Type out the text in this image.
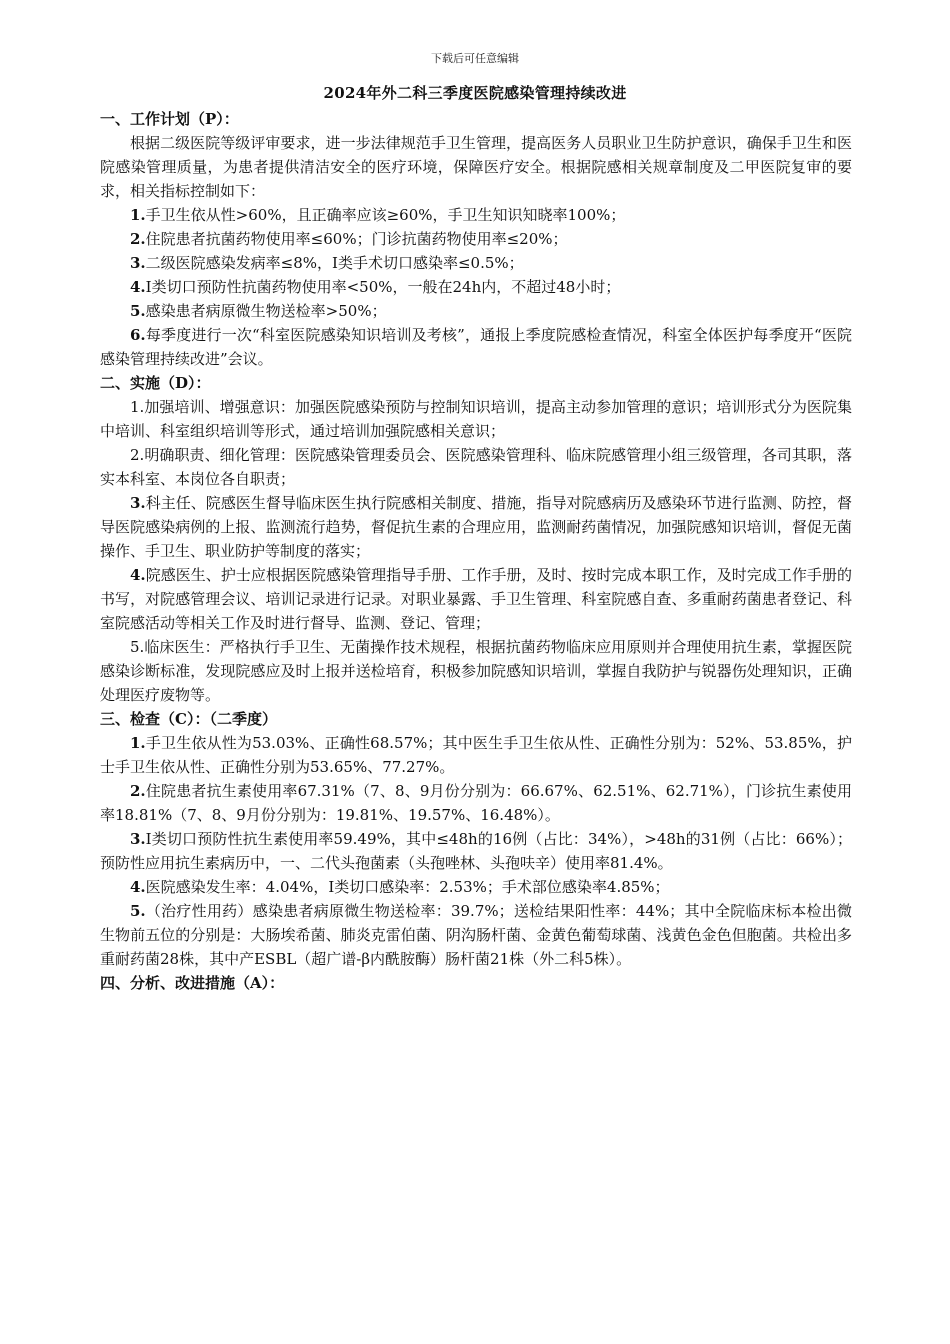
下载后可任意编辑
2024年外二科三季度医院感染管理持续改进
一、工作计划（P）：

根据二级医院等级评审要求，进一步法律规范手卫生管理，提高医务人员职业卫生防护意识，确保手卫生和医院感染管理质量，为患者提供清洁安全的医疗环境，保障医疗安全。根据院感相关规章制度及二甲医院复审的要求，相关指标控制如下：

1.手卫生依从性>60%，且正确率应该≥60%，手卫生知识知晓率100%；

2.住院患者抗菌药物使用率≤60%；门诊抗菌药物使用率≤20%；

3.二级医院感染发病率≤8%，I类手术切口感染率≤0.5%；

4.I类切口预防性抗菌药物使用率<50%，一般在24h内，不超过48小时；

5.感染患者病原微生物送检率>50%；

6.每季度进行一次“科室医院感染知识培训及考核”，通报上季度院感检查情况，科室全体医护每季度开“医院感染管理持续改进”会议。

二、实施（D）：

1.加强培训、增强意识：加强医院感染预防与控制知识培训，提高主动参加管理的意识；培训形式分为医院集中培训、科室组织培训等形式，通过培训加强院感相关意识；

2.明确职责、细化管理：医院感染管理委员会、医院感染管理科、临床院感管理小组三级管理，各司其职，落实本科室、本岗位各自职责；

3.科主任、院感医生督导临床医生执行院感相关制度、措施，指导对院感病历及感染环节进行监测、防控，督导医院感染病例的上报、监测流行趋势，督促抗生素的合理应用，监测耐药菌情况，加强院感知识培训，督促无菌操作、手卫生、职业防护等制度的落实；

4.院感医生、护士应根据医院感染管理指导手册、工作手册，及时、按时完成本职工作，及时完成工作手册的书写，对院感管理会议、培训记录进行记录。对职业暴露、手卫生管理、科室院感自查、多重耐药菌患者登记、科室院感活动等相关工作及时进行督导、监测、登记、管理；

5.临床医生：严格执行手卫生、无菌操作技术规程，根据抗菌药物临床应用原则并合理使用抗生素，掌握医院感染诊断标准，发现院感应及时上报并送检培育，积极参加院感知识培训，掌握自我防护与锐器伤处理知识，正确处理医疗废物等。

三、检查（C）：（二季度）

1.手卫生依从性为53.03%、正确性68.57%；其中医生手卫生依从性、正确性分别为：52%、53.85%，护士手卫生依从性、正确性分别为53.65%、77.27%。

2.住院患者抗生素使用率67.31%（7、8、9月份分别为：66.67%、62.51%、62.71%），门诊抗生素使用率18.81%（7、8、9月份分别为：19.81%、19.57%、16.48%）。

3.I类切口预防性抗生素使用率59.49%，其中≤48h的16例（占比：34%），>48h的31例（占比：66%）；预防性应用抗生素病历中，一、二代头孢菌素（头孢唑林、头孢呋辛）使用率81.4%。

4.医院感染发生率：4.04%，I类切口感染率：2.53%；手术部位感染率4.85%；

5.（治疗性用药）感染患者病原微生物送检率：39.7%；送检结果阳性率：44%；其中全院临床标本检出微生物前五位的分别是：大肠埃希菌、肺炎克雷伯菌、阴沟肠杆菌、金黄色葡萄球菌、浅黄色金色但胞菌。共检出多重耐药菌28株，其中产ESBL（超广谱-β内酰胺酶）肠杆菌21株（外二科5株）。

四、分析、改进措施（A）：
